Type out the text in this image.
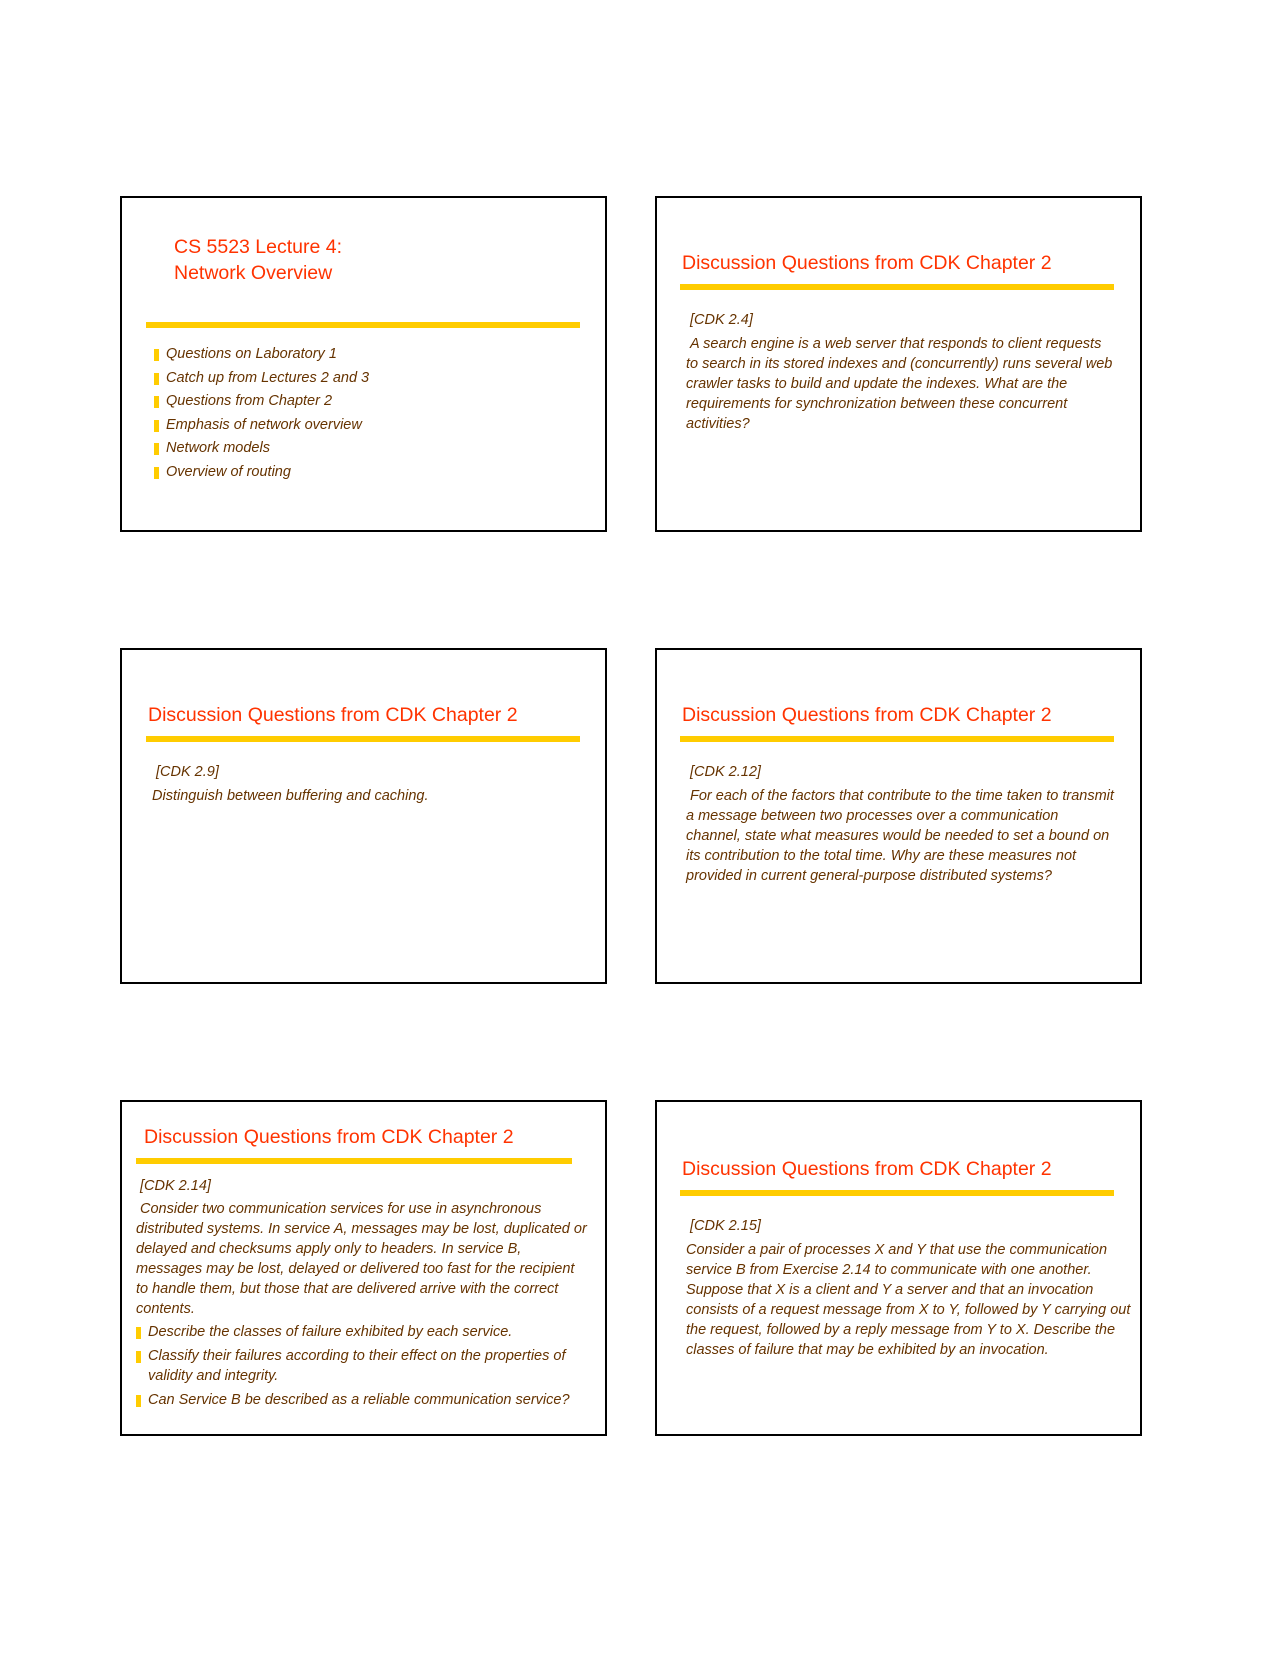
CS 5523 Lecture 4:
Network Overview
Questions on Laboratory 1
Catch up from Lectures 2 and 3
Questions from Chapter 2
Emphasis of network overview
Network models
Overview of routing
Discussion Questions from CDK Chapter 2

[CDK 2.4]

A search engine is a web server that responds to client requests to search in its stored indexes and (concurrently) runs several web crawler tasks to build and update the indexes. What are the requirements for synchronization between these concurrent activities?

Discussion Questions from CDK Chapter 2

[CDK 2.9]

Distinguish between buffering and caching.

Discussion Questions from CDK Chapter 2

[CDK 2.12]

For each of the factors that contribute to the time taken to transmit a message between two processes over a communication channel, state what measures would be needed to set a bound on its contribution to the total time. Why are these measures not provided in current general-purpose distributed systems?

Discussion Questions from CDK Chapter 2

[CDK 2.14]

Consider two communication services for use in asynchronous distributed systems. In service A, messages may be lost, duplicated or delayed and checksums apply only to headers. In service B, messages may be lost, delayed or delivered too fast for the recipient to handle them, but those that are delivered arrive with the correct contents.

Describe the classes of failure exhibited by each service.
Classify their failures according to their effect on the properties of validity and integrity.
Can Service B be described as a reliable communication service?
Discussion Questions from CDK Chapter 2

[CDK 2.15]

Consider a pair of processes X and Y that use the communication service B from Exercise 2.14 to communicate with one another. Suppose that X is a client and Y a server and that an invocation consists of a request message from X to Y, followed by Y carrying out the request, followed by a reply message from Y to X. Describe the classes of failure that may be exhibited by an invocation.
